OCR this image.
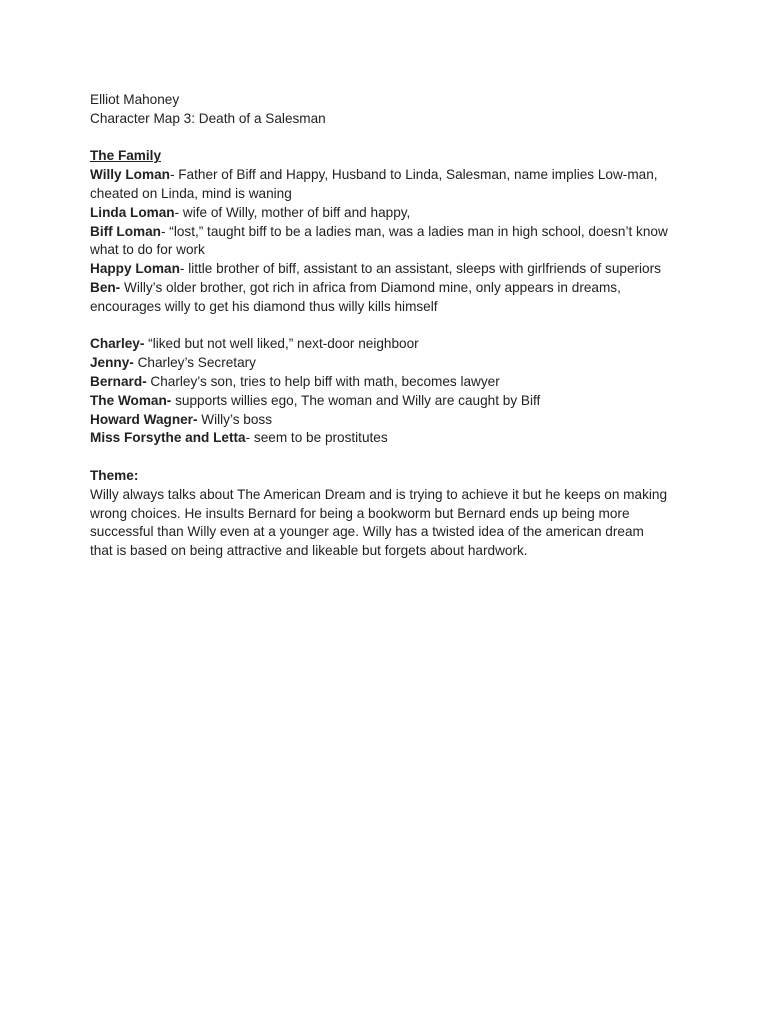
Elliot Mahoney
Character Map 3: Death of a Salesman
The Family
Willy Loman- Father of Biff and Happy, Husband to Linda, Salesman, name implies Low-man,
cheated on Linda, mind is waning
Linda Loman- wife of Willy, mother of biff and happy,
Biff Loman- “lost,” taught biff to be a ladies man, was a ladies man in high school, doesn’t know
what to do for work
Happy Loman- little brother of biff, assistant to an assistant, sleeps with girlfriends of superiors
Ben- Willy’s older brother, got rich in africa from Diamond mine, only appears in dreams,
encourages willy to get his diamond thus willy kills himself
Charley- “liked but not well liked,” next-door neighboor
Jenny- Charley’s Secretary
Bernard- Charley’s son, tries to help biff with math, becomes lawyer
The Woman- supports willies ego, The woman and Willy are caught by Biff
Howard Wagner- Willy’s boss
Miss Forsythe and Letta- seem to be prostitutes
Theme:
Willy always talks about The American Dream and is trying to achieve it but he keeps on making
wrong choices. He insults Bernard for being a bookworm but Bernard ends up being more
successful than Willy even at a younger age. Willy has a twisted idea of the american dream
that is based on being attractive and likeable but forgets about hardwork.
